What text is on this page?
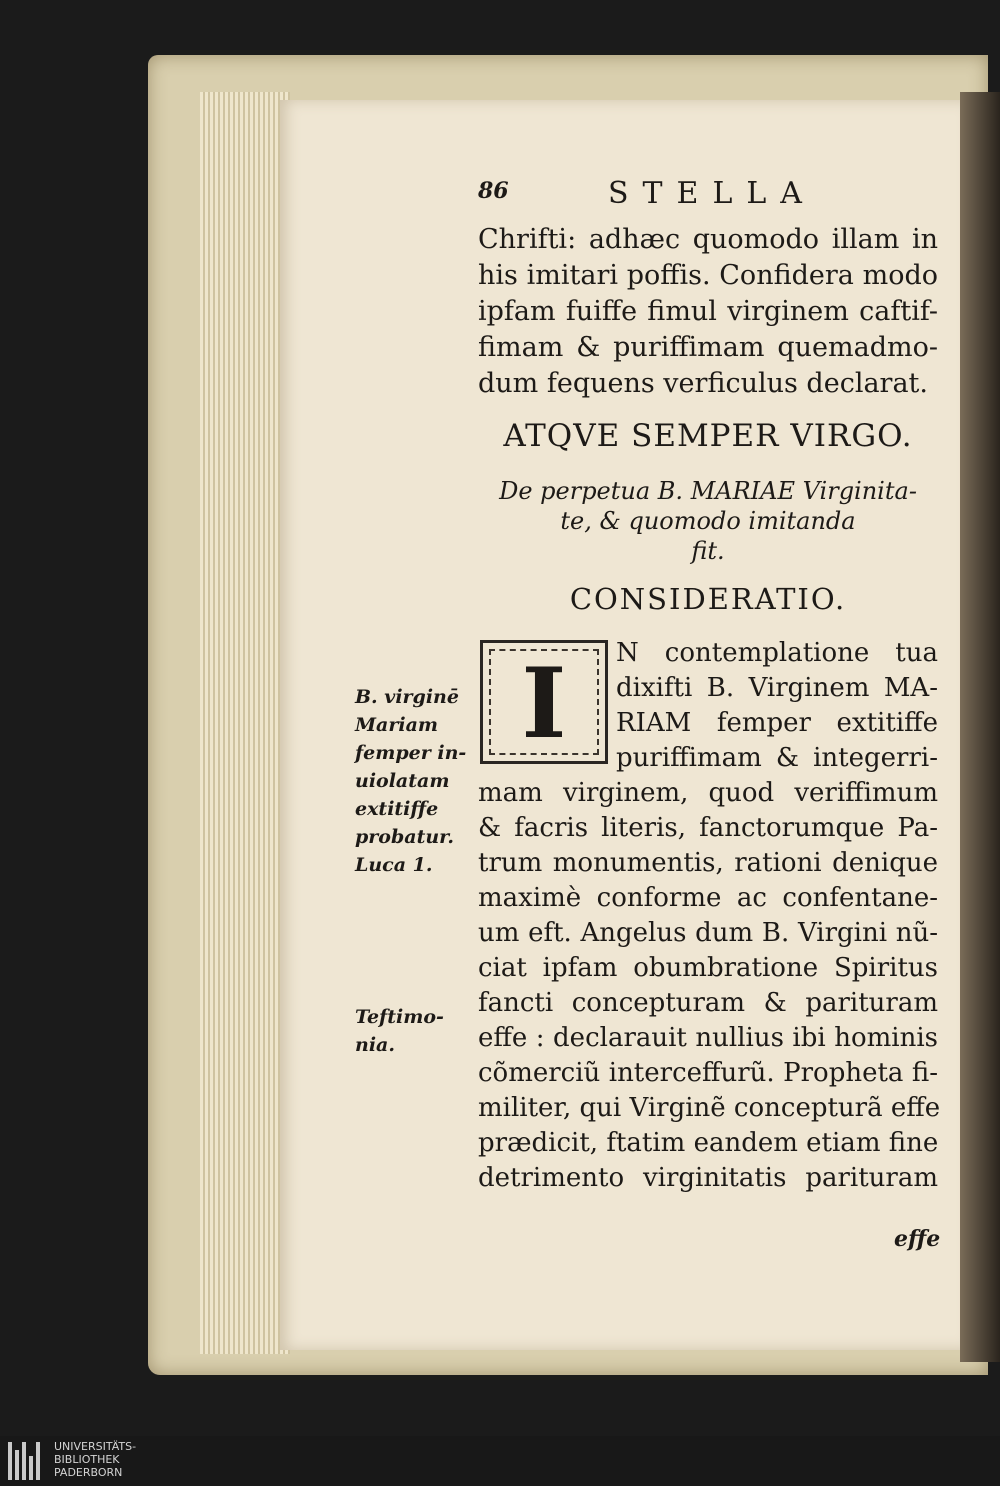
86	STELLA
Chrifti: adhæc quomodo illam in
his imitari poffis. Confidera modo
ipfam fuiffe fimul virginem caftif-
fimam & puriffimam quemadmo-
dum fequens verficulus declarat.
ATQVE SEMPER VIRGO.
De perpetua B. MARIAE Virginita-
te, & quomodo imitanda
fit.
CONSIDERATIO.
N contemplatione tua
dixifti B. Virginem MA-
RIAM femper extitiffe
puriffimam & integerri-
mam virginem, quod veriffimum
& facris literis, fanctorumque Pa-
trum monumentis, rationi denique
maximè conforme ac confentane-
um eft. Angelus dum B. Virgini nũ-
ciat ipfam obumbratione Spiritus
fancti concepturam & parituram
effe : declarauit nullius ibi hominis
cõmerciũ interceffurũ. Propheta fi-
militer, qui Virginẽ concepturã effe
prædicit, ftatim eandem etiam fine
detrimento virginitatis parituram
I
effe
B. virginē
Mariam
femper in-
uiolatam
extitiffe
probatur.
Luca 1.
Teftimo-
nia.
UNIVERSITÄTS-
BIBLIOTHEK
PADERBORN
